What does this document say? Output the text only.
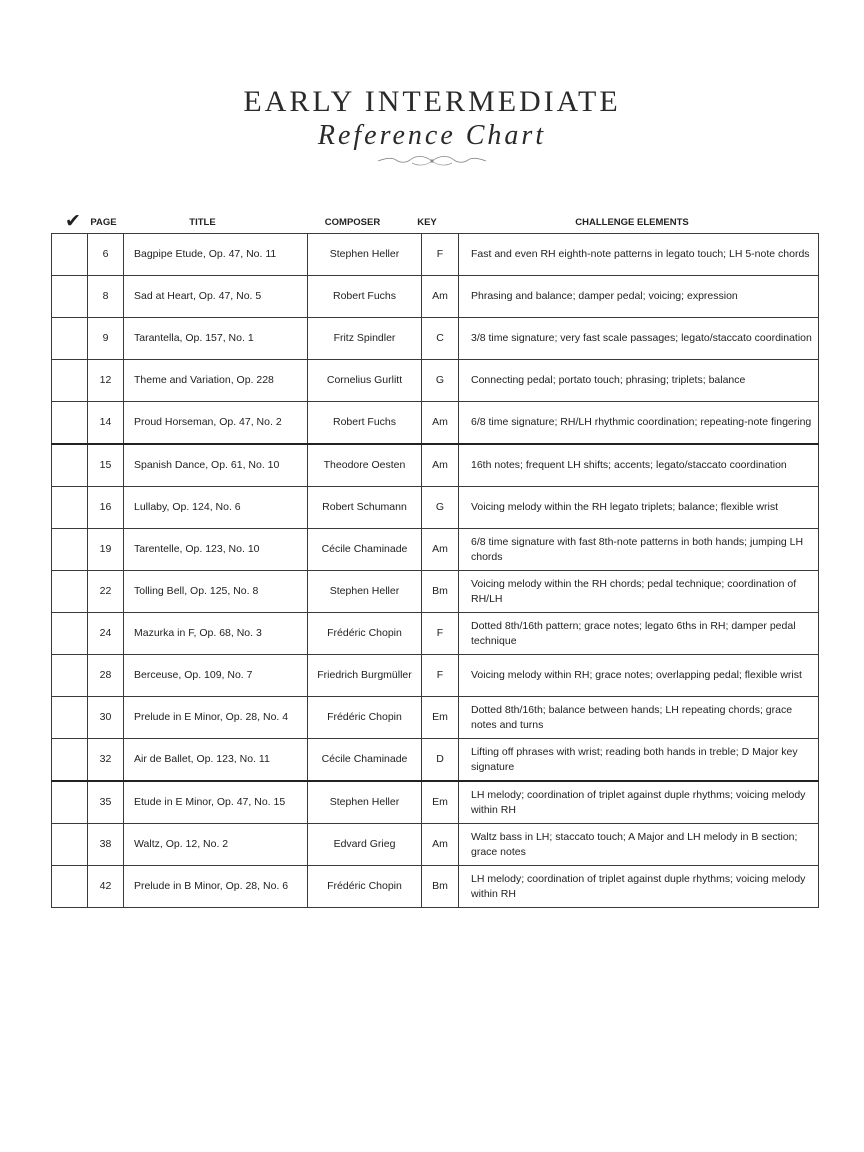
EARLY INTERMEDIATE
Reference Chart
✔ PAGE	TITLE	COMPOSER	KEY	CHALLENGE ELEMENTS
	6	Bagpipe Etude, Op. 47, No. 11	Stephen Heller	F	Fast and even RH eighth-note patterns in legato touch; LH 5-note chords
	8	Sad at Heart, Op. 47, No. 5	Robert Fuchs	Am	Phrasing and balance; damper pedal; voicing; expression
	9	Tarantella, Op. 157, No. 1	Fritz Spindler	C	3/8 time signature; very fast scale passages; legato/staccato coordination
	12	Theme and Variation, Op. 228	Cornelius Gurlitt	G	Connecting pedal; portato touch; phrasing; triplets; balance
	14	Proud Horseman, Op. 47, No. 2	Robert Fuchs	Am	6/8 time signature; RH/LH rhythmic coordination; repeating-note fingering
	15	Spanish Dance, Op. 61, No. 10	Theodore Oesten	Am	16th notes; frequent LH shifts; accents; legato/staccato coordination
	16	Lullaby, Op. 124, No. 6	Robert Schumann	G	Voicing melody within the RH legato triplets; balance; flexible wrist
	19	Tarentelle, Op. 123, No. 10	Cécile Chaminade	Am	6/8 time signature with fast 8th-note patterns in both hands; jumping LH chords
	22	Tolling Bell, Op. 125, No. 8	Stephen Heller	Bm	Voicing melody within the RH chords; pedal technique; coordination of RH/LH
	24	Mazurka in F, Op. 68, No. 3	Frédéric Chopin	F	Dotted 8th/16th pattern; grace notes; legato 6ths in RH; damper pedal technique
	28	Berceuse, Op. 109, No. 7	Friedrich Burgmüller	F	Voicing melody within RH; grace notes; overlapping pedal; flexible wrist
	30	Prelude in E Minor, Op. 28, No. 4	Frédéric Chopin	Em	Dotted 8th/16th; balance between hands; LH repeating chords; grace notes and turns
	32	Air de Ballet, Op. 123, No. 11	Cécile Chaminade	D	Lifting off phrases with wrist; reading both hands in treble; D Major key signature
	35	Etude in E Minor, Op. 47, No. 15	Stephen Heller	Em	LH melody; coordination of triplet against duple rhythms; voicing melody within RH
	38	Waltz, Op. 12, No. 2	Edvard Grieg	Am	Waltz bass in LH; staccato touch; A Major and LH melody in B section; grace notes
	42	Prelude in B Minor, Op. 28, No. 6	Frédéric Chopin	Bm	LH melody; coordination of triplet against duple rhythms; voicing melody within RH
